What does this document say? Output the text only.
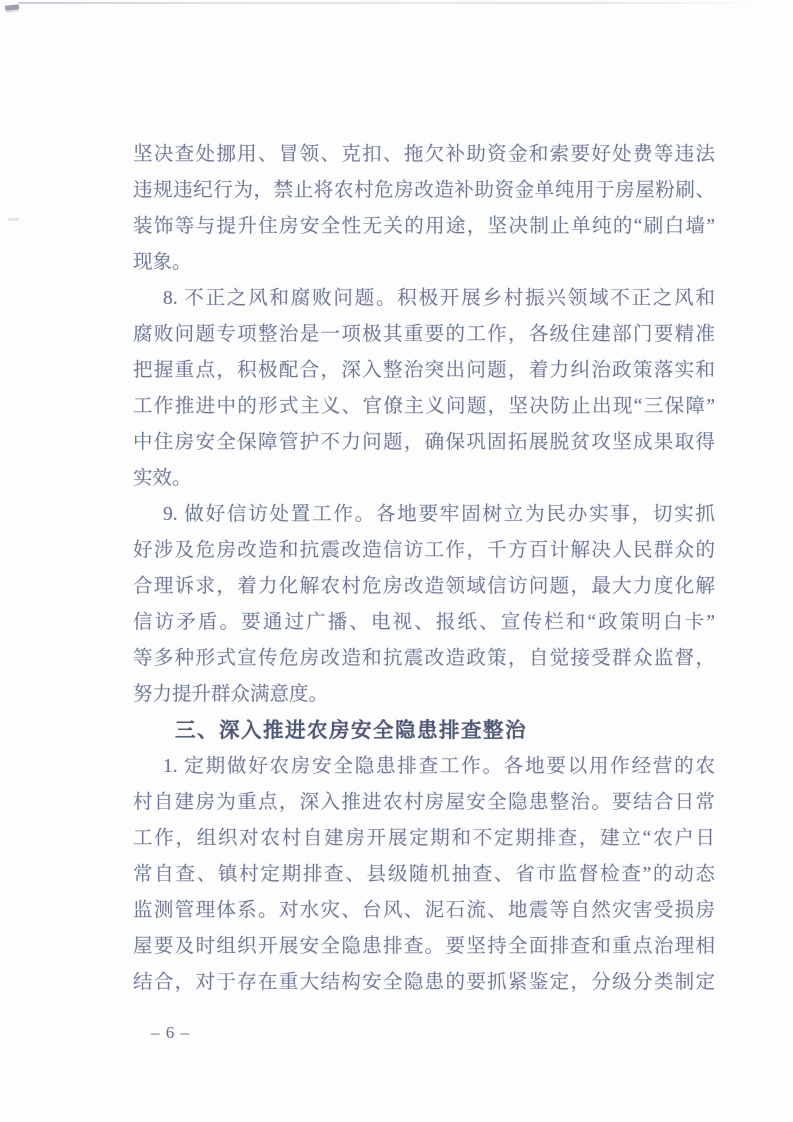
坚决查处挪用、冒领、克扣、拖欠补助资金和索要好处费等违法
违规违纪行为，禁止将农村危房改造补助资金单纯用于房屋粉刷、
装饰等与提升住房安全性无关的用途，坚决制止单纯的“刷白墙”
现象。
8. 不正之风和腐败问题。积极开展乡村振兴领域不正之风和
腐败问题专项整治是一项极其重要的工作，各级住建部门要精准
把握重点，积极配合，深入整治突出问题，着力纠治政策落实和
工作推进中的形式主义、官僚主义问题，坚决防止出现“三保障”
中住房安全保障管护不力问题，确保巩固拓展脱贫攻坚成果取得
实效。
9. 做好信访处置工作。各地要牢固树立为民办实事，切实抓
好涉及危房改造和抗震改造信访工作，千方百计解决人民群众的
合理诉求，着力化解农村危房改造领域信访问题，最大力度化解
信访矛盾。要通过广播、电视、报纸、宣传栏和“政策明白卡”
等多种形式宣传危房改造和抗震改造政策，自觉接受群众监督，
努力提升群众满意度。
三、深入推进农房安全隐患排查整治
1. 定期做好农房安全隐患排查工作。各地要以用作经营的农
村自建房为重点，深入推进农村房屋安全隐患整治。要结合日常
工作，组织对农村自建房开展定期和不定期排查，建立“农户日
常自查、镇村定期排查、县级随机抽查、省市监督检查”的动态
监测管理体系。对水灾、台风、泥石流、地震等自然灾害受损房
屋要及时组织开展安全隐患排查。要坚持全面排查和重点治理相
结合，对于存在重大结构安全隐患的要抓紧鉴定，分级分类制定
– 6 –
